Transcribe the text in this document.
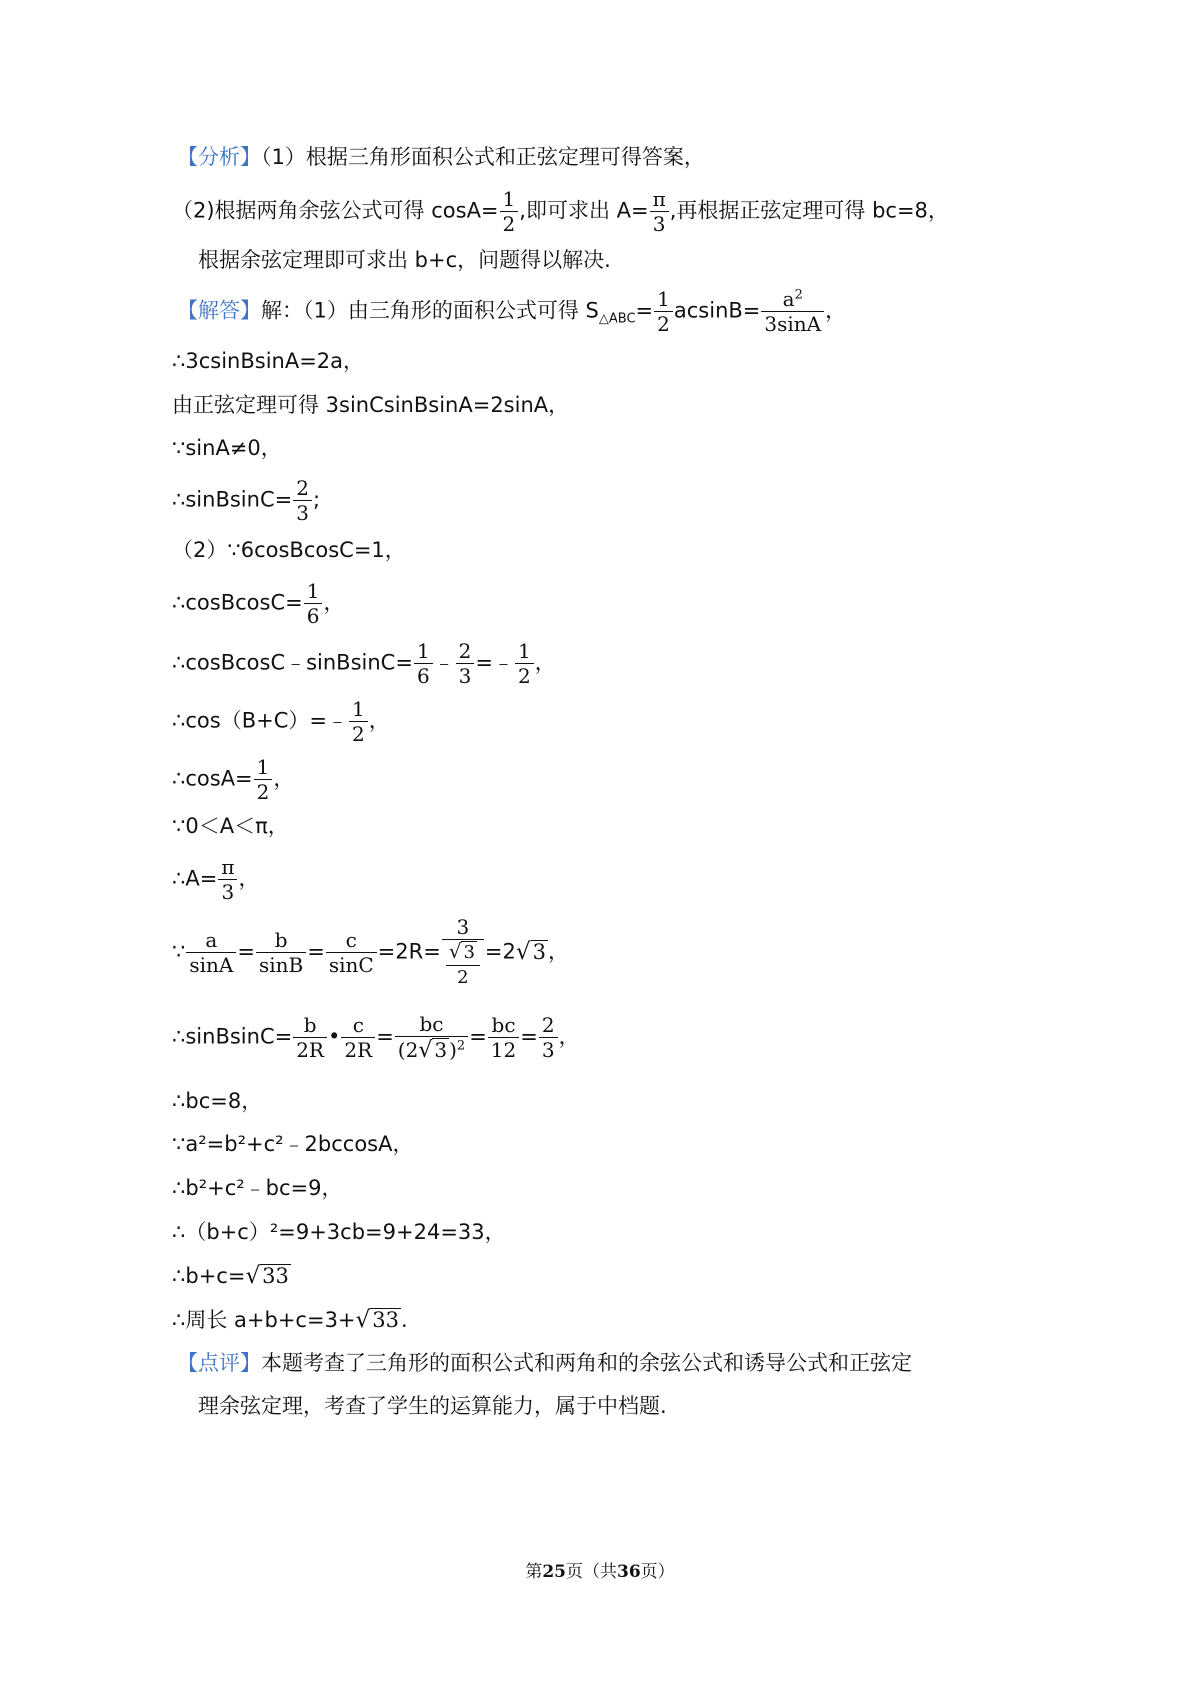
【分析】（1）根据三角形面积公式和正弦定理可得答案，
（2)根据两角余弦公式可得 $\cos A= \frac{1}{2}$ ,即可求出 $A= \frac{\pi}{3}$ ,再根据正弦定理可得 bc=8，
根据余弦定理即可求出 b+c，问题得以解决.
【解答】解：（1）由三角形的面积公式可得 $S_{\triangle ABC}= \frac{1}{2} acsinB= \frac{a^2}{3\sin A}$ ，
∴3csinBsinA=2a，
由正弦定理可得 3sinCsinBsinA=2sinA，
∵sinA≠0，
∴sinBsinC= $\frac{2}{3}$ ;
（2）∵6cosBcosC=1，
∴cosBcosC= $\frac{1}{6}$ ，
∴cosBcosC﹣sinBsinC= $\frac{1}{6}$ ﹣ $\frac{2}{3}$ =﹣ $\frac{1}{2}$ ，
∴cos（B+C）=﹣ $\frac{1}{2}$ ，
∴cosA= $\frac{1}{2}$ ，
∵0＜A＜π，
∴A= $\frac{\pi}{3}$ ，
∵ $\frac{a}{\sin A} = \frac{b}{\sin B} = \frac{c}{\sin C} =2R= \frac{3}{\frac{√ 3}{2}} =2√3$，
∴sinBsinC= $\frac{b}{2R}$ • $\frac{c}{2R} = \frac{bc}{(2√ 3 )^2} = \frac{bc}{12} = \frac{2}{3}$ ，
∴bc=8，
∵a²=b²+c²﹣2bccosA，
∴b²+c²﹣bc=9，
∴（b+c）²=9+3cb=9+24=33，
∴b+c=√33
∴周长 a+b+c=3+√33.
【点评】本题考查了三角形的面积公式和两角和的余弦公式和诱导公式和正弦定
理余弦定理，考查了学生的运算能力，属于中档题.
第25页（共36页）
